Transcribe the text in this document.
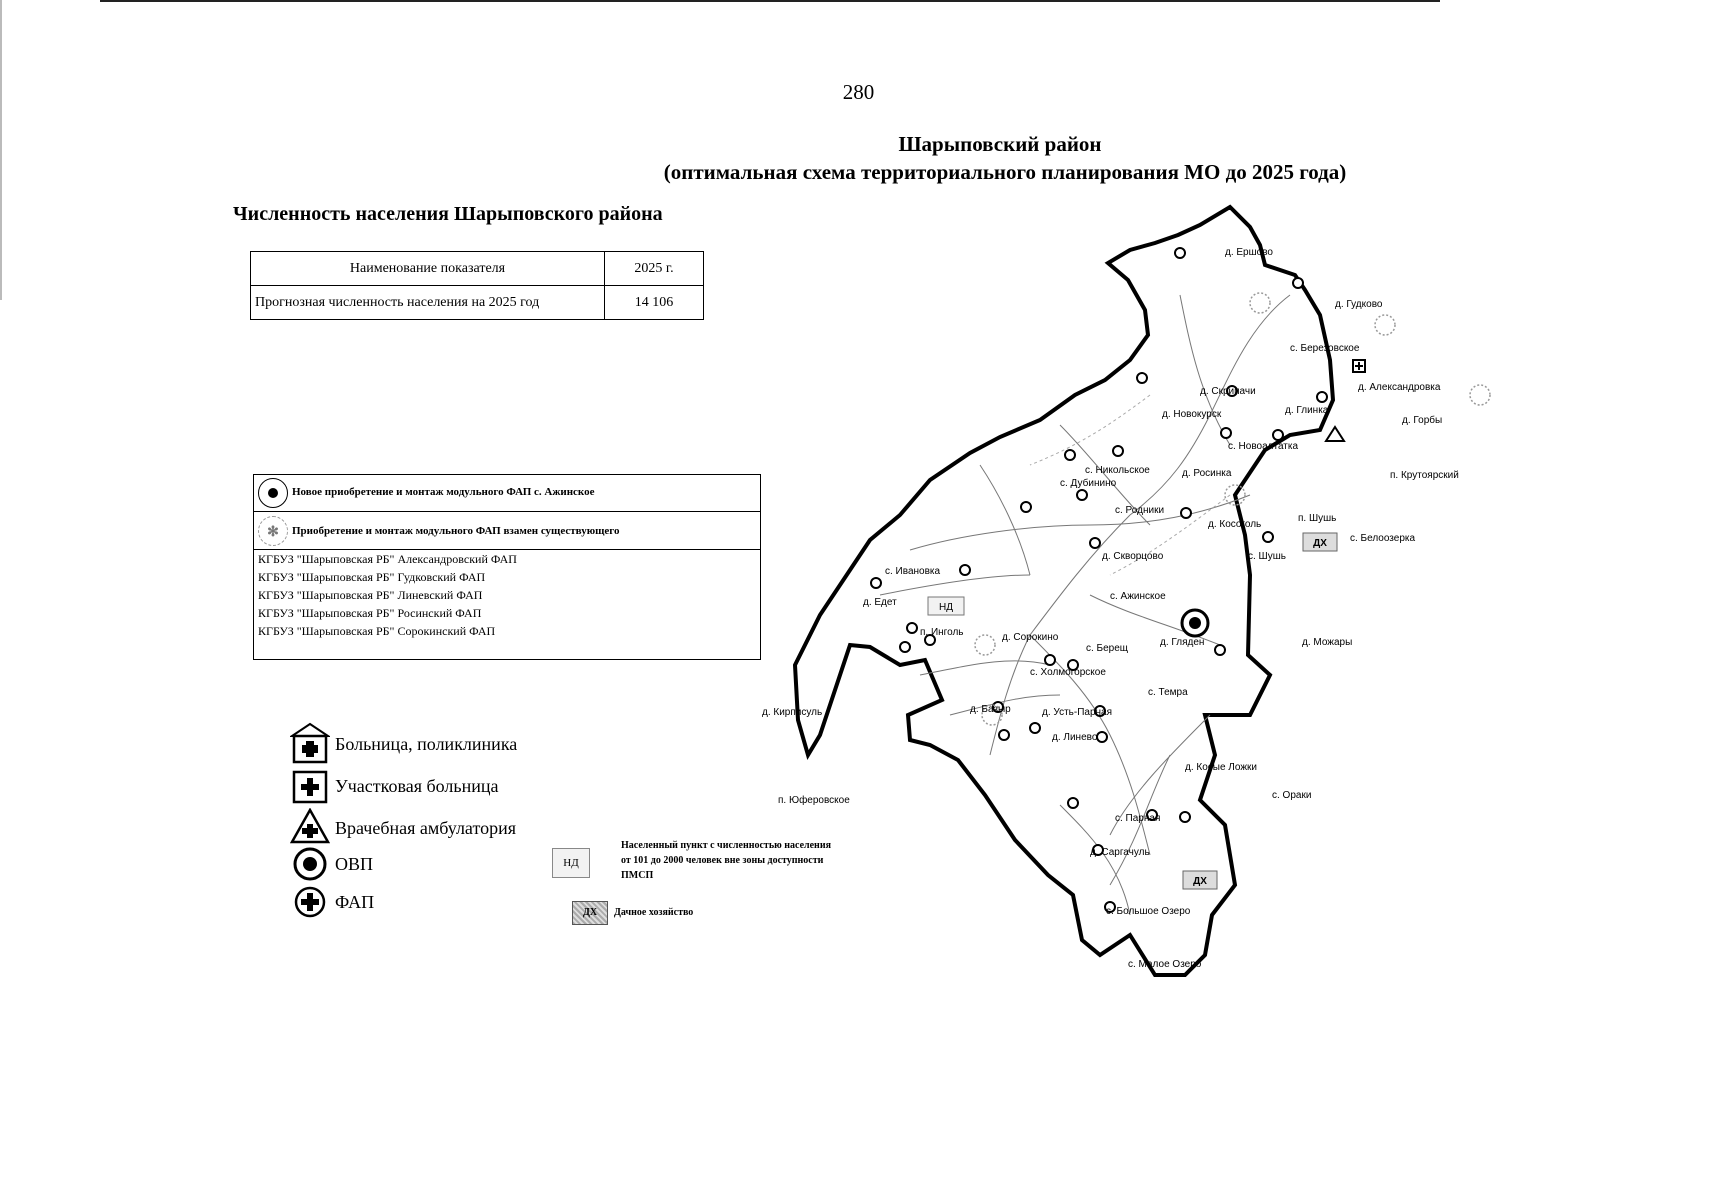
280
Шарыповский район
(оптимальная схема территориального планирования МО до 2025 года)
Численность населения Шарыповского района
Наименование показателя	2025 г.
Прогнозная численность населения на 2025 год	14 106
Новое приобретение и монтаж модульного ФАП с. Ажинское
✻ Приобретение и монтаж модульного ФАП взамен существующего
КГБУЗ "Шарыповская РБ" Александровский ФАП
КГБУЗ "Шарыповская РБ" Гудковский ФАП
КГБУЗ "Шарыповская РБ" Линевский ФАП
КГБУЗ "Шарыповская РБ" Росинский ФАП
КГБУЗ "Шарыповская РБ" Сорокинский ФАП
Больница, поликлиника
Участковая больница
Врачебная амбулатория
ОВП
ФАП
НД
Населенный пункт с численностью населения от 101 до 2000 человек вне зоны доступности ПМСП
ДХ	Дачное хозяйство
НД
ДХ
ДХ
д. Ершово
д. Гудково
с. Березовское
д. Скрипачи	д. Александровка
д. Новокурск	д. Глинка
д. Горбы
с. Новоалтатка
с. Никольское	д. Росинка	п. Крутоярский
с. Дубинино
с. Родники
д. Косоголь
п. Шушь
с. Белоозерка
с. Ивановка
д. Скворцово	с. Шушь
д. Едет
с. Ажинское
п. Инголь	д. Сорокино
с. Берещ
д. Гляден	д. Можары
с. Холмогорское
с. Темра
д. Кирписуль	д. Базыр	д. Усть-Парная
д. Линево
д. Косые Ложки
с. Ораки
п. Юферовское
с. Парная
д. Саргачуль
с. Большое Озеро
с. Малое Озеро
